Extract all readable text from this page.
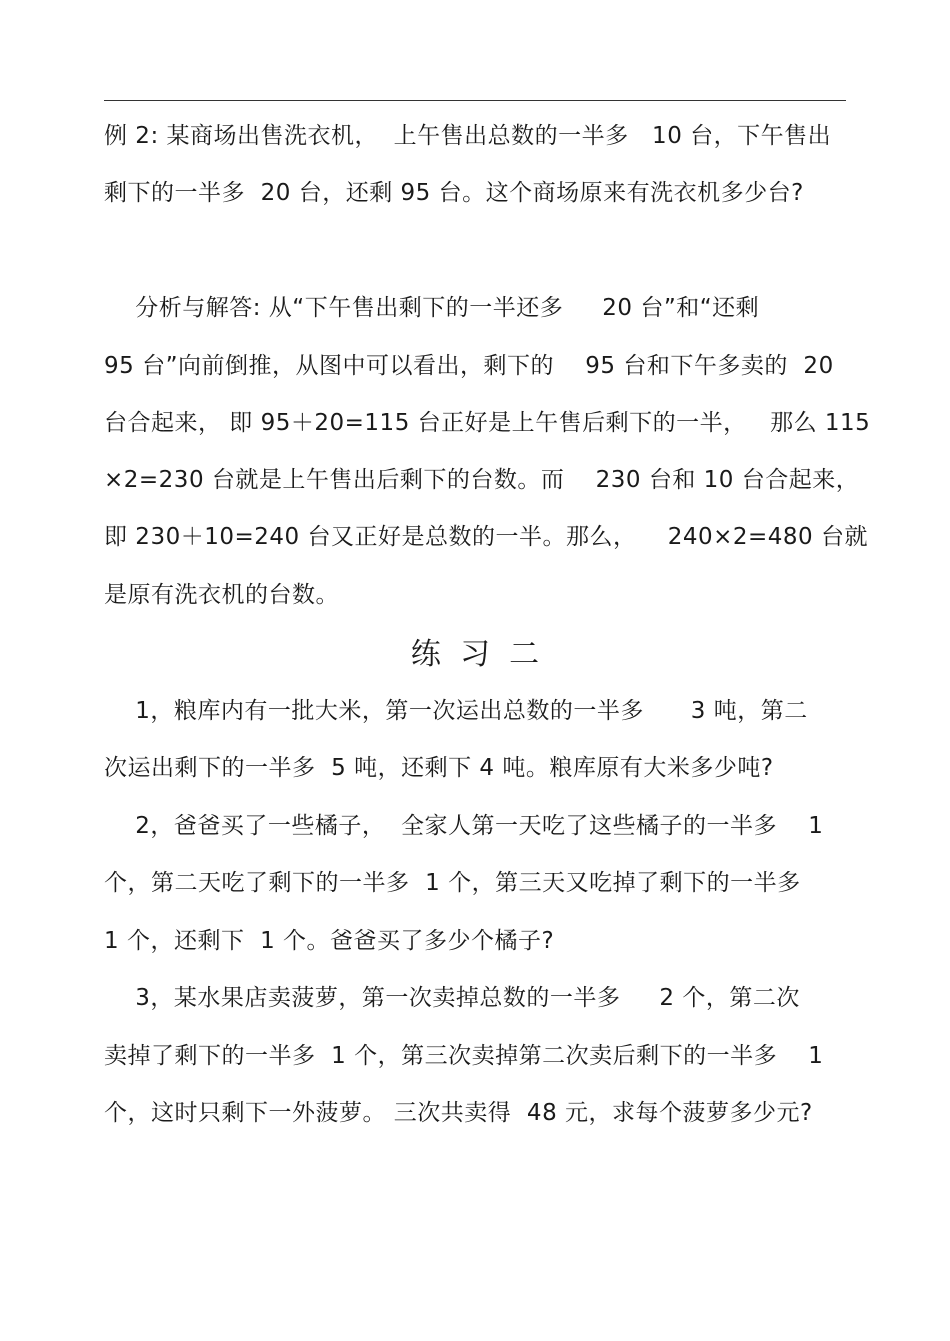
例 2: 某商场出售洗衣机，  上午售出总数的一半多   10 台，下午售出
剩下的一半多  20 台，还剩 95 台。这个商场原来有洗衣机多少台?
分析与解答: 从“下午售出剩下的一半还多     20 台”和“还剩
95 台”向前倒推，从图中可以看出，剩下的    95 台和下午多卖的  20
台合起来， 即 95＋20=115 台正好是上午售后剩下的一半，   那么 115
×2=230 台就是上午售出后剩下的台数。而    230 台和 10 台合起来，
即 230＋10=240 台又正好是总数的一半。那么，    240×2=480 台就
是原有洗衣机的台数。
练  习  二
1，粮库内有一批大米，第一次运出总数的一半多      3 吨，第二
次运出剩下的一半多  5 吨，还剩下 4 吨。粮库原有大米多少吨?
2，爸爸买了一些橘子，  全家人第一天吃了这些橘子的一半多    1
个，第二天吃了剩下的一半多  1 个，第三天又吃掉了剩下的一半多
1 个，还剩下  1 个。爸爸买了多少个橘子?
3，某水果店卖菠萝，第一次卖掉总数的一半多     2 个，第二次
卖掉了剩下的一半多  1 个，第三次卖掉第二次卖后剩下的一半多    1
个，这时只剩下一外菠萝。 三次共卖得  48 元，求每个菠萝多少元?
